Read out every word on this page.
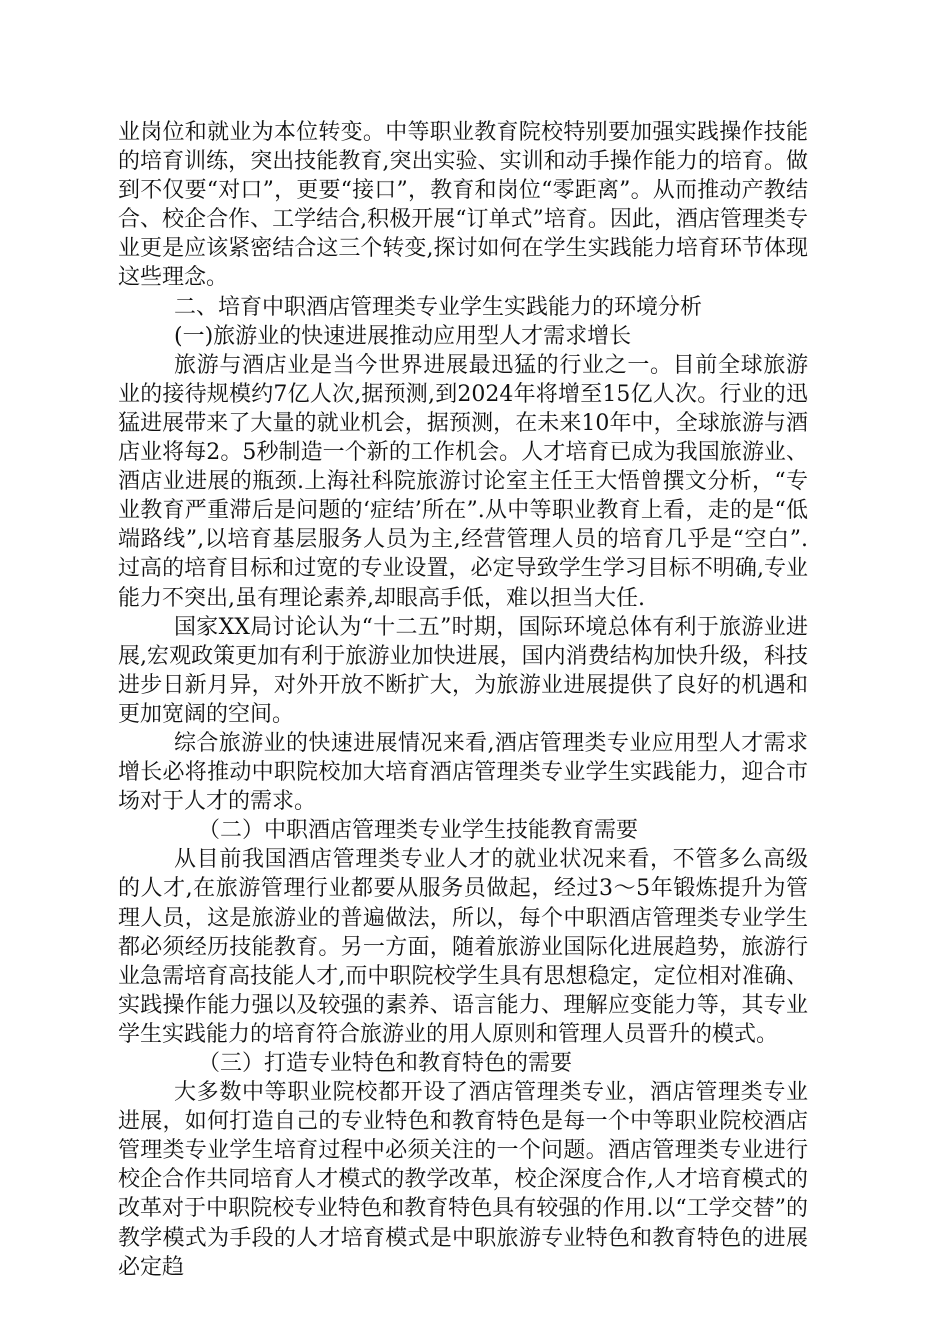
业岗位和就业为本位转变。中等职业教育院校特别要加强实践操作技能的培育训练，突出技能教育,突出实验、实训和动手操作能力的培育。做到不仅要“对口”，更要“接口”，教育和岗位“零距离”。从而推动产教结合、校企合作、工学结合,积极开展“订单式”培育。因此，酒店管理类专业更是应该紧密结合这三个转变,探讨如何在学生实践能力培育环节体现这些理念。

二、培育中职酒店管理类专业学生实践能力的环境分析

(一)旅游业的快速进展推动应用型人才需求增长

旅游与酒店业是当今世界进展最迅猛的行业之一。目前全球旅游业的接待规模约7亿人次,据预测,到2024年将增至15亿人次。行业的迅猛进展带来了大量的就业机会，据预测，在未来10年中，全球旅游与酒店业将每2。5秒制造一个新的工作机会。人才培育已成为我国旅游业、酒店业进展的瓶颈.上海社科院旅游讨论室主任王大悟曾撰文分析，“专业教育严重滞后是问题的‘症结’所在”.从中等职业教育上看，走的是“低端路线”,以培育基层服务人员为主,经营管理人员的培育几乎是“空白”.过高的培育目标和过宽的专业设置，必定导致学生学习目标不明确,专业能力不突出,虽有理论素养,却眼高手低，难以担当大任.

国家XX局讨论认为“十二五”时期，国际环境总体有利于旅游业进展,宏观政策更加有利于旅游业加快进展，国内消费结构加快升级，科技进步日新月异，对外开放不断扩大，为旅游业进展提供了良好的机遇和更加宽阔的空间。

综合旅游业的快速进展情况来看,酒店管理类专业应用型人才需求增长必将推动中职院校加大培育酒店管理类专业学生实践能力，迎合市场对于人才的需求。

（二）中职酒店管理类专业学生技能教育需要

从目前我国酒店管理类专业人才的就业状况来看，不管多么高级的人才,在旅游管理行业都要从服务员做起，经过3～5年锻炼提升为管理人员，这是旅游业的普遍做法，所以，每个中职酒店管理类专业学生都必须经历技能教育。另一方面，随着旅游业国际化进展趋势，旅游行业急需培育高技能人才,而中职院校学生具有思想稳定，定位相对准确、实践操作能力强以及较强的素养、语言能力、理解应变能力等，其专业学生实践能力的培育符合旅游业的用人原则和管理人员晋升的模式。

（三）打造专业特色和教育特色的需要

大多数中等职业院校都开设了酒店管理类专业，酒店管理类专业进展，如何打造自己的专业特色和教育特色是每一个中等职业院校酒店管理类专业学生培育过程中必须关注的一个问题。酒店管理类专业进行校企合作共同培育人才模式的教学改革，校企深度合作,人才培育模式的改革对于中职院校专业特色和教育特色具有较强的作用.以“工学交替”的教学模式为手段的人才培育模式是中职旅游专业特色和教育特色的进展必定趋
